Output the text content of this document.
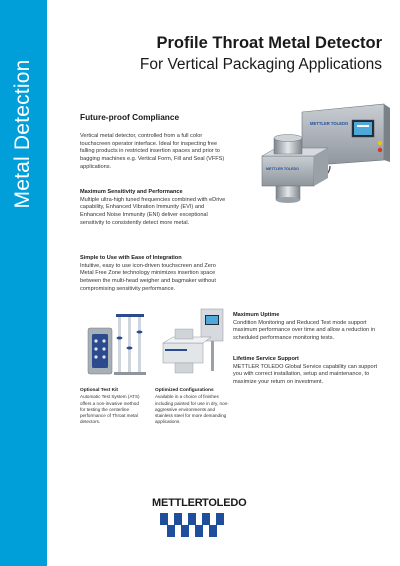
Metal Detection
Profile Throat Metal Detector
For Vertical Packaging Applications
Future-proof Compliance
Vertical metal detector, controlled from a full color touchscreen operator interface. Ideal for inspecting free falling products in restricted insertion spaces and prior to bagging machines e.g. Vertical Form, Fill and Seal (VFFS) applications.
Maximum Sensitivity and Performance
Multiple ultra-high tuned frequencies combined with eDrive capability, Enhanced Vibration Immunity (EVI) and Enhanced Noise Immunity (ENI) deliver exceptional sensitivity to consistently detect more metal.
Simple to Use with Ease of Integration
Intuitive, easy to use icon-driven touchscreen and Zero Metal Free Zone technology minimizes insertion space between the multi-head weigher and bagmaker without compromising sensitivity performance.
Maximum Uptime
Condition Monitoring and Reduced Test mode support maximum performance over time and allow a reduction in scheduled performance monitoring tests.
Lifetime Service Support
METTLER TOLEDO Global Service capability can support you with correct installation, setup and maintenance, to maximize your return on investment.
METTLER TOLEDO
METTLER TOLEDO
Optional Test Kit
Automatic Test System (ATS) offers a non-invasive method for testing the centerline performance of Throat metal detectors.
Optimized Configurations
Available in a choice of finishes including painted for use in dry, non-aggressive environments and stainless steel for more demanding applications.
METTLER TOLEDO
